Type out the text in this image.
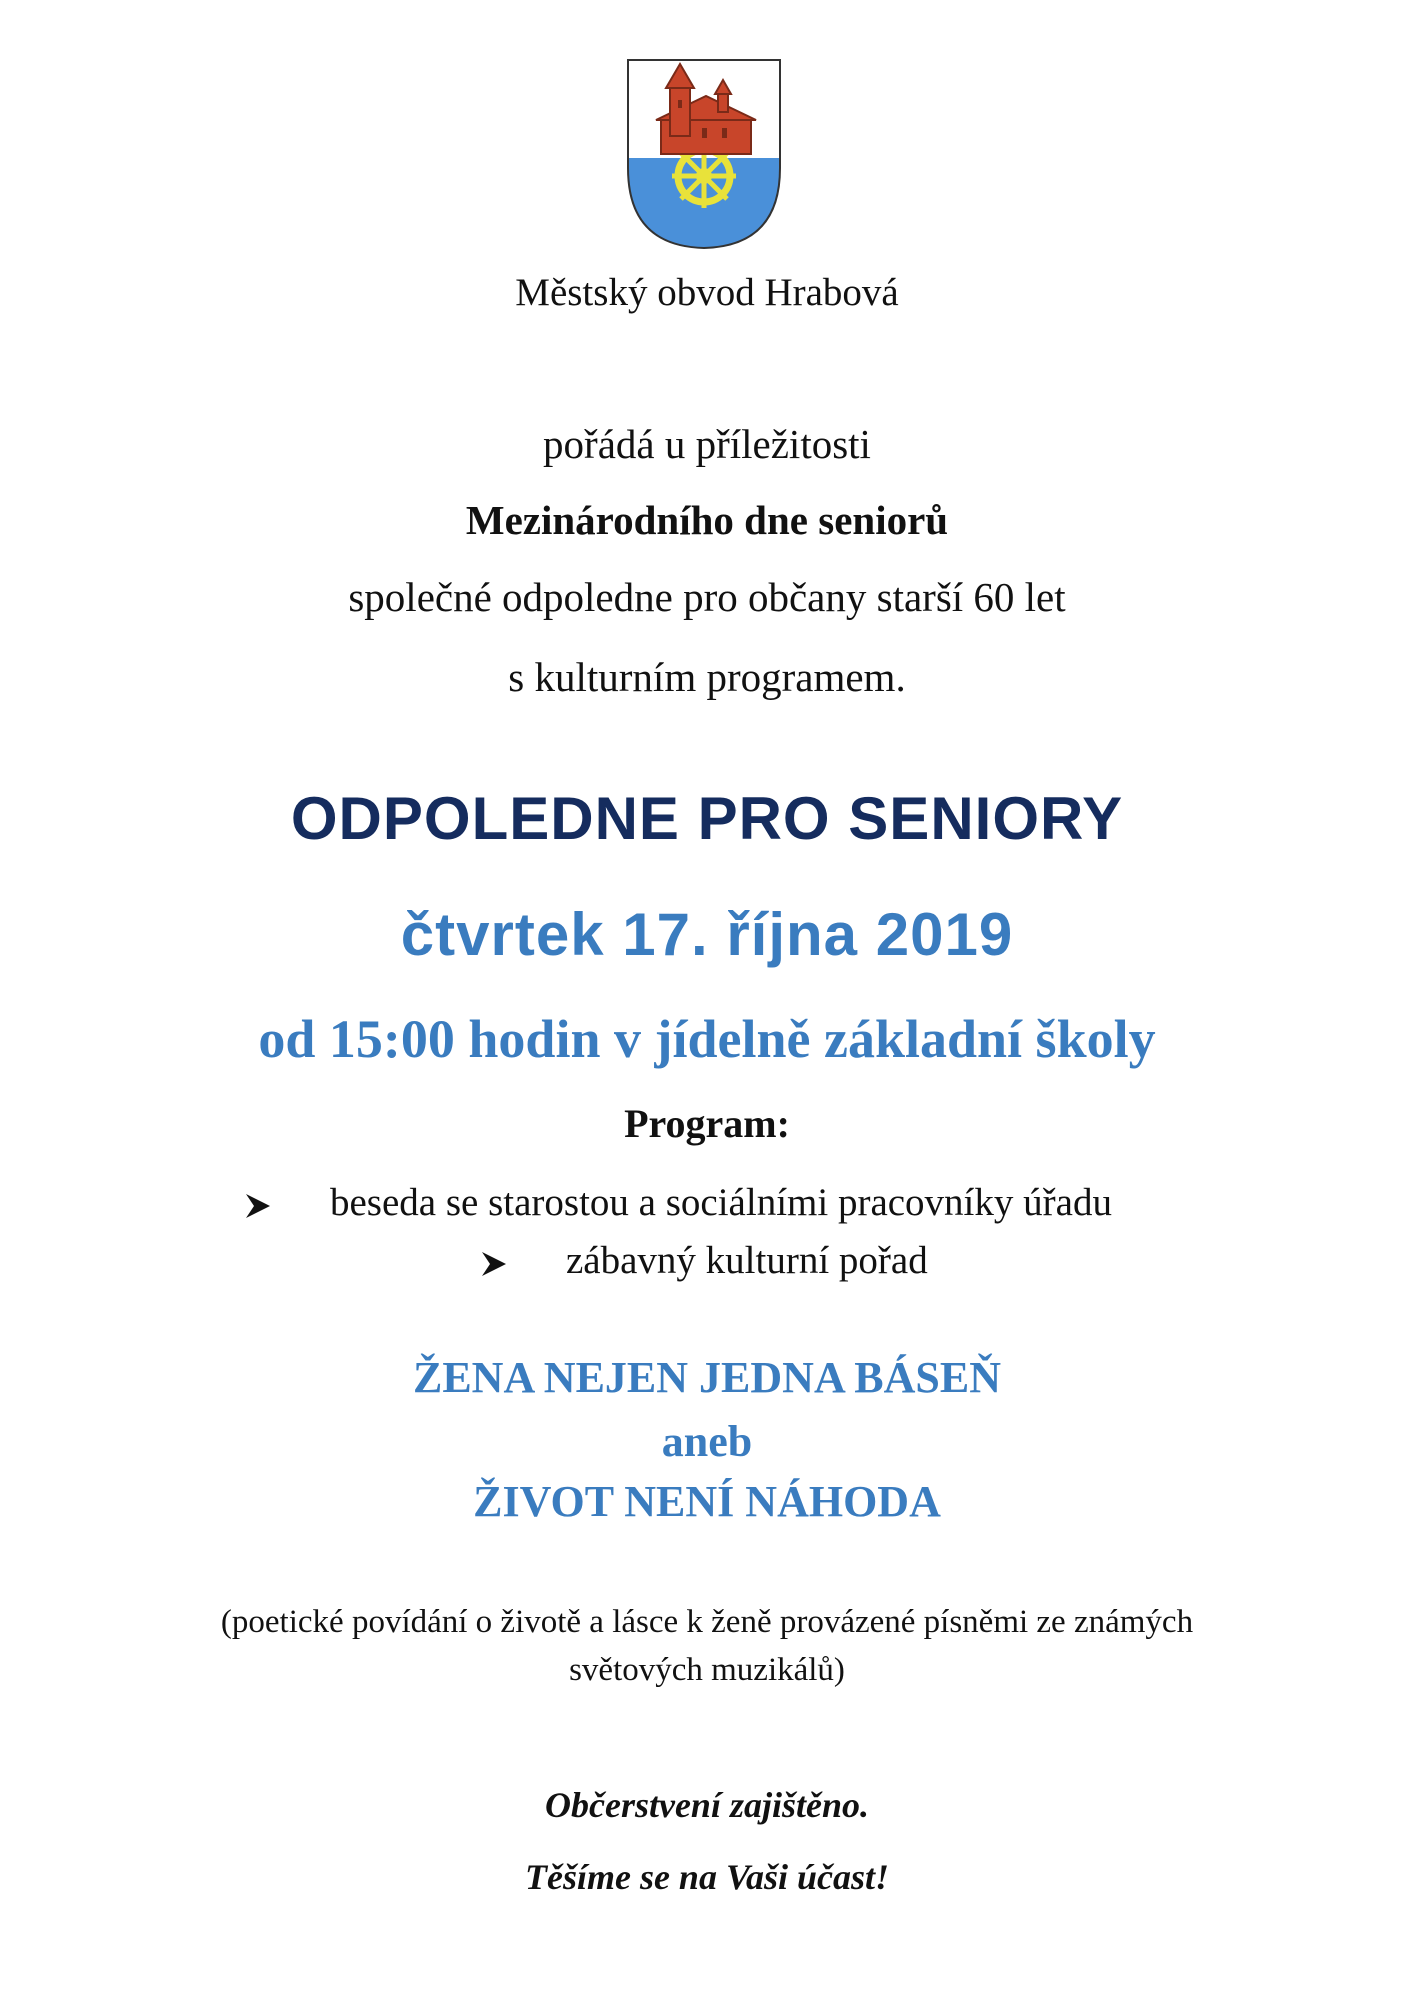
Městský obvod Hrabová
pořádá u příležitosti
Mezinárodního dne seniorů
společné odpoledne pro občany starší 60 let
s kulturním programem.
ODPOLEDNE PRO SENIORY
čtvrtek 17. října 2019
od 15:00 hodin v jídelně základní školy
Program:
beseda se starostou a sociálními pracovníky úřadu
zábavný kulturní pořad
ŽENA NEJEN JEDNA BÁSEŇ
aneb
ŽIVOT NENÍ NÁHODA
(poetické povídání o životě a lásce k ženě provázené písněmi ze známých
světových muzikálů)
Občerstvení zajištěno.
Těšíme se na Vaši účast!
